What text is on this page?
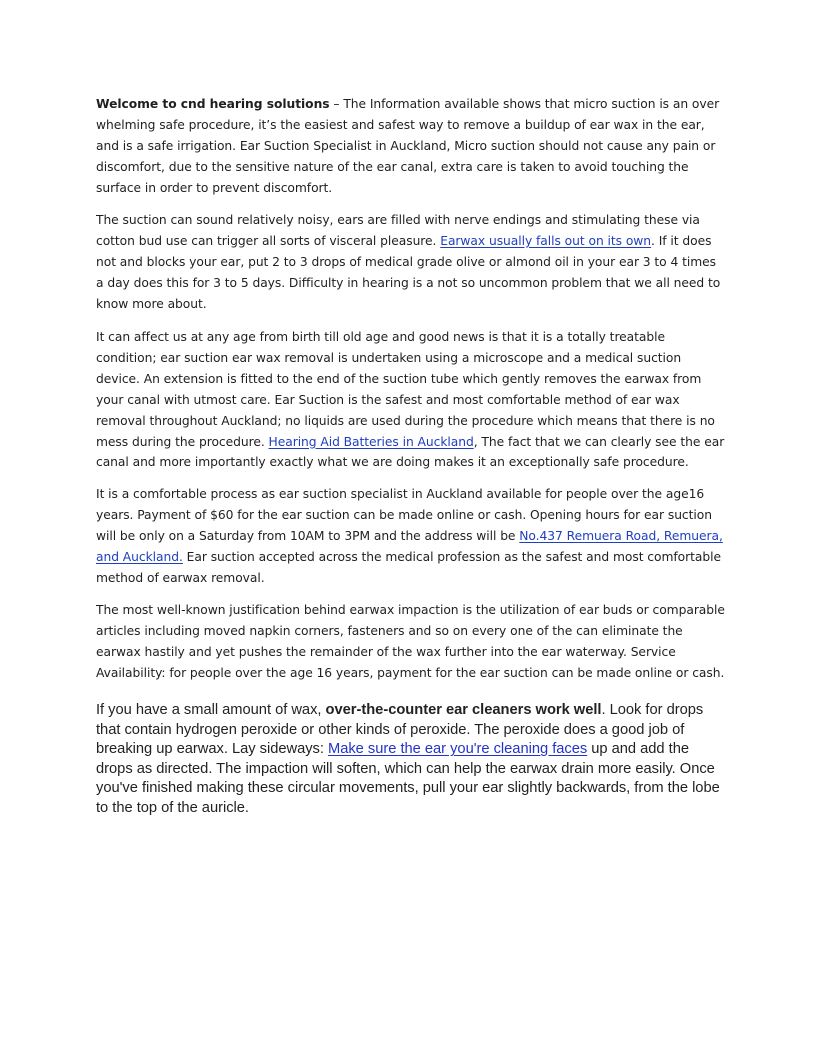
Welcome to cnd hearing solutions – The Information available shows that micro suction is an over whelming safe procedure, it’s the easiest and safest way to remove a buildup of ear wax in the ear, and is a safe irrigation. Ear Suction Specialist in Auckland, Micro suction should not cause any pain or discomfort, due to the sensitive nature of the ear canal, extra care is taken to avoid touching the surface in order to prevent discomfort.

The suction can sound relatively noisy, ears are filled with nerve endings and stimulating these via cotton bud use can trigger all sorts of visceral pleasure. Earwax usually falls out on its own. If it does not and blocks your ear, put 2 to 3 drops of medical grade olive or almond oil in your ear 3 to 4 times a day does this for 3 to 5 days. Difficulty in hearing is a not so uncommon problem that we all need to know more about.

It can affect us at any age from birth till old age and good news is that it is a totally treatable condition; ear suction ear wax removal is undertaken using a microscope and a medical suction device. An extension is fitted to the end of the suction tube which gently removes the earwax from your canal with utmost care. Ear Suction is the safest and most comfortable method of ear wax removal throughout Auckland; no liquids are used during the procedure which means that there is no mess during the procedure. Hearing Aid Batteries in Auckland, The fact that we can clearly see the ear canal and more importantly exactly what we are doing makes it an exceptionally safe procedure.

It is a comfortable process as ear suction specialist in Auckland available for people over the age16 years. Payment of $60 for the ear suction can be made online or cash. Opening hours for ear suction will be only on a Saturday from 10AM to 3PM and the address will be No.437 Remuera Road, Remuera, and Auckland. Ear suction accepted across the medical profession as the safest and most comfortable method of earwax removal.

The most well-known justification behind earwax impaction is the utilization of ear buds or comparable articles including moved napkin corners, fasteners and so on every one of the can eliminate the earwax hastily and yet pushes the remainder of the wax further into the ear waterway. Service Availability: for people over the age 16 years, payment for the ear suction can be made online or cash.

If you have a small amount of wax, over-the-counter ear cleaners work well. Look for drops that contain hydrogen peroxide or other kinds of peroxide. The peroxide does a good job of breaking up earwax. Lay sideways: Make sure the ear you're cleaning faces up and add the drops as directed. The impaction will soften, which can help the earwax drain more easily. Once you've finished making these circular movements, pull your ear slightly backwards, from the lobe to the top of the auricle.
